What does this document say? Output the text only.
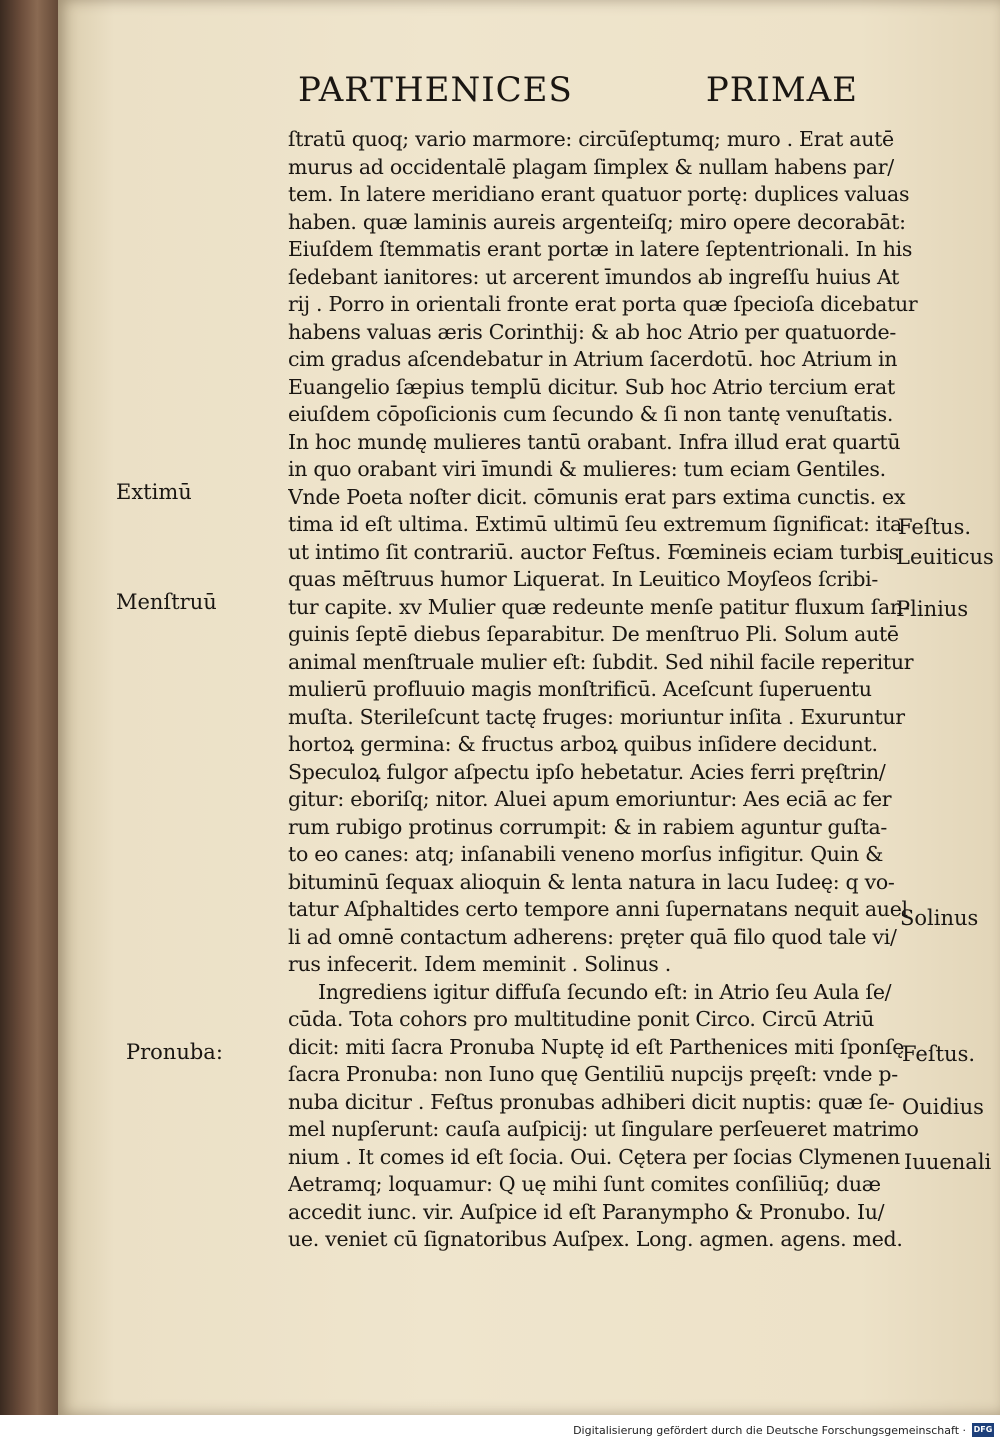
PARTHENICES	PRIMAE
ſtratū quoq; vario marmore: circūſeptumq; muro . Erat autē
murus ad occidentalē plagam ſimplex & nullam habens par/
tem. In latere meridiano erant quatuor portę: duplices valuas
haben. quæ laminis aureis argenteiſq; miro opere decorabāt:
Eiuſdem ſtemmatis erant portæ in latere ſeptentrionali. In his
ſedebant ianitores: ut arcerent īmundos ab ingreſſu huius At
rij . Porro in orientali fronte erat porta quæ ſpecioſa dicebatur
habens valuas æris Corinthij: & ab hoc Atrio per quatuorde-
cim gradus aſcendebatur in Atrium ſacerdotū. hoc Atrium in
Euangelio ſæpius templū dicitur. Sub hoc Atrio tercium erat
eiuſdem cōpoſicionis cum ſecundo & ſi non tantę venuſtatis.
In hoc mundę mulieres tantū orabant. Infra illud erat quartū
in quo orabant viri īmundi & mulieres: tum eciam Gentiles.
Vnde Poeta noſter dicit. cōmunis erat pars extima cunctis. ex
tima id eſt ultima. Extimū ultimū ſeu extremum ſignificat: ita
ut intimo ſit contrariū. auctor Feſtus. Fœmineis eciam turbis
quas mēſtruus humor Liquerat. In Leuitico Moyſeos ſcribi-
tur capite. xv Mulier quæ redeunte menſe patitur fluxum ſan-
guinis ſeptē diebus ſeparabitur. De menſtruo Pli. Solum autē
animal menſtruale mulier eſt: ſubdit. Sed nihil facile reperitur
mulierū profluuio magis monſtrificū. Aceſcunt ſuperuentu
muſta. Sterileſcunt tactę fruges: moriuntur inſita . Exuruntur
hortoꝝ germina: & fructus arboꝝ quibus inſidere decidunt.
Speculoꝝ fulgor aſpectu ipſo hebetatur. Acies ferri pręſtrin/
gitur: eboriſq; nitor. Aluei apum emoriuntur: Aes eciā ac fer
rum rubigo protinus corrumpit: & in rabiem aguntur guſta-
to eo canes: atq; inſanabili veneno morſus infigitur. Quin &
bituminū ſequax alioquin & lenta natura in lacu Iudeę: q vo-
tatur Aſphaltides certo tempore anni ſupernatans nequit auel
li ad omnē contactum adherens: pręter quā filo quod tale vi/
rus infecerit. Idem meminit . Solinus .
Ingrediens igitur diffuſa ſecundo eſt: in Atrio ſeu Aula ſe/
cūda. Tota cohors pro multitudine ponit Circo. Circū Atriū
dicit: miti ſacra Pronuba Nuptę id eſt Parthenices miti ſponſę
ſacra Pronuba: non Iuno quę Gentiliū nupcijs pręeſt: vnde p-
nuba dicitur . Feſtus pronubas adhiberi dicit nuptis: quæ ſe-
mel nupſerunt: cauſa auſpicij: ut ſingulare perſeueret matrimo
nium . It comes id eſt ſocia. Oui. Cętera per ſocias Clymenen
Aetramq; loquamur: Q uę mihi ſunt comites conſiliūq; duæ
accedit iunc. vir. Auſpice id eſt Paranympho & Pronubo. Iu/
ue. veniet cū ſignatoribus Auſpex. Long. agmen. agens. med.
Extimū
Menſtruū
Pronuba:
Feſtus.
Leuiticus
Plinius
Solinus
Feſtus.
Ouidius
Iuuenali
Digitalisierung gefördert durch die Deutsche Forschungsgemeinschaft · DFG
